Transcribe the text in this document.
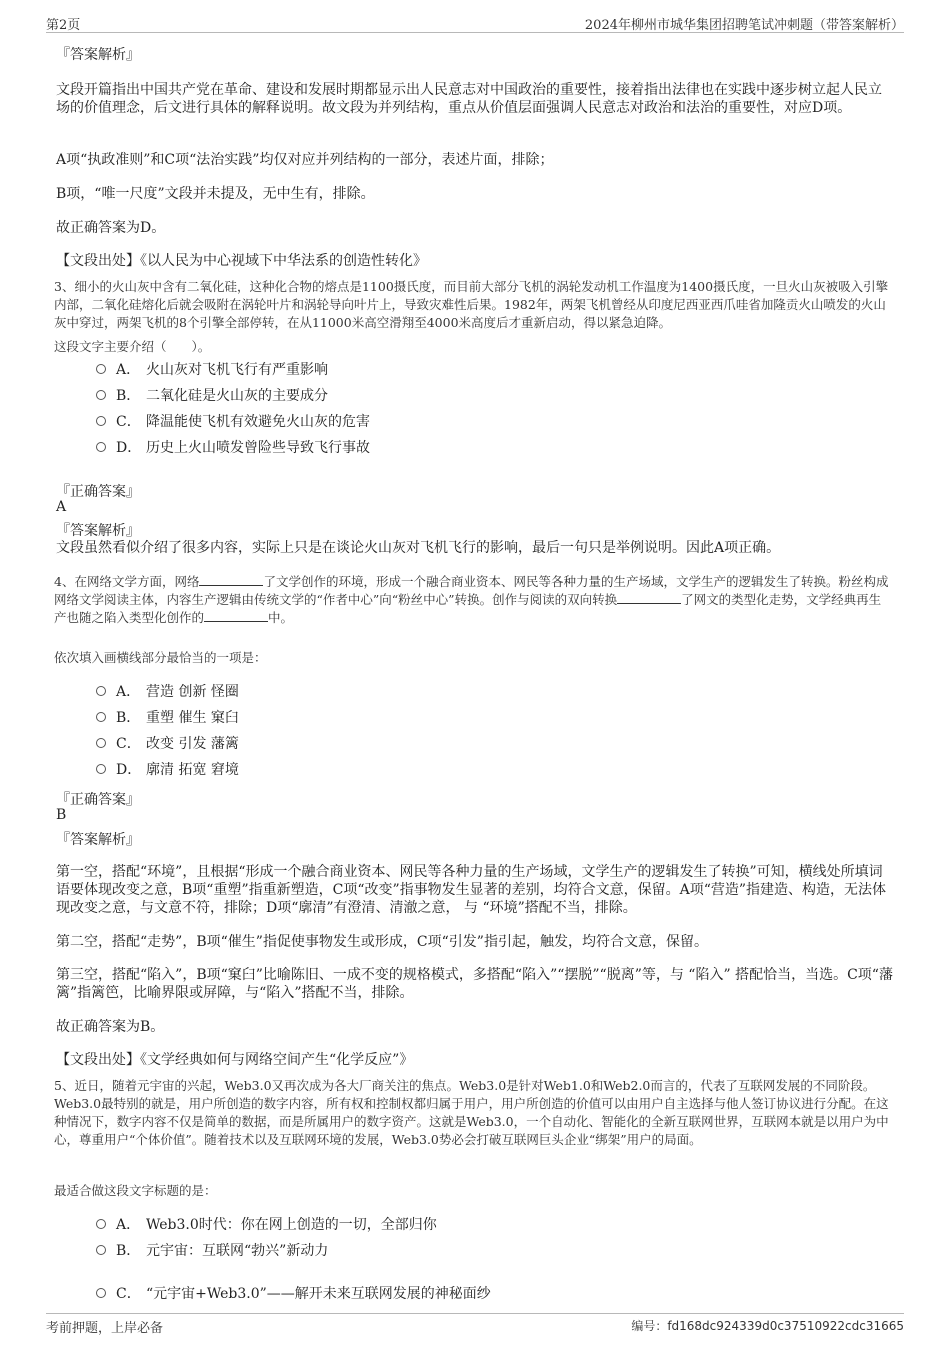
第2页	2024年柳州市城华集团招聘笔试冲刺题（带答案解析）
『答案解析』
文段开篇指出中国共产党在革命、建设和发展时期都显示出人民意志对中国政治的重要性，接着指出法律也在实践中逐步树立起人民立场的价值理念，后文进行具体的解释说明。故文段为并列结构，重点从价值层面强调人民意志对政治和法治的重要性，对应D项。
A项“执政准则”和C项“法治实践”均仅对应并列结构的一部分，表述片面，排除；
B项，“唯一尺度”文段并未提及，无中生有，排除。
故正确答案为D。
【文段出处】《以人民为中心视域下中华法系的创造性转化》
3、细小的火山灰中含有二氧化硅，这种化合物的熔点是1100摄氏度，而目前大部分飞机的涡轮发动机工作温度为1400摄氏度，一旦火山灰被吸入引擎内部，二氧化硅熔化后就会吸附在涡轮叶片和涡轮导向叶片上，导致灾难性后果。1982年，两架飞机曾经从印度尼西亚西爪哇省加隆贡火山喷发的火山灰中穿过，两架飞机的8个引擎全部停转，在从11000米高空滑翔至4000米高度后才重新启动，得以紧急迫降。
这段文字主要介绍（　　）。
A． 火山灰对飞机飞行有严重影响
B． 二氧化硅是火山灰的主要成分
C． 降温能使飞机有效避免火山灰的危害
D． 历史上火山喷发曾险些导致飞行事故
『正确答案』
A
『答案解析』
文段虽然看似介绍了很多内容，实际上只是在谈论火山灰对飞机飞行的影响，最后一句只是举例说明。因此A项正确。
4、在网络文学方面，网络	了文学创作的环境，形成一个融合商业资本、网民等各种力量的生产场域，文学生产的逻辑发生了转换。粉丝构成网络文学阅读主体，内容生产逻辑由传统文学的“作者中心”向“粉丝中心”转换。创作与阅读的双向转换	了网文的类型化走势，文学经典再生产也随之陷入类型化创作的	中。
依次填入画横线部分最恰当的一项是：
A． 营造 创新 怪圈
B． 重塑 催生 窠臼
C． 改变 引发 藩篱
D． 廓清 拓宽 窘境
『正确答案』
B
『答案解析』
第一空，搭配“环境”，且根据“形成一个融合商业资本、网民等各种力量的生产场域，文学生产的逻辑发生了转换”可知，横线处所填词语要体现改变之意，B项“重塑”指重新塑造，C项“改变”指事物发生显著的差别，均符合文意，保留。A项“营造”指建造、构造，无法体现改变之意，与文意不符，排除；D项“廓清”有澄清、清澈之意， 与 “环境”搭配不当，排除。
第二空，搭配“走势”，B项“催生”指促使事物发生或形成，C项“引发”指引起，触发，均符合文意，保留。
第三空，搭配“陷入”，B项“窠臼”比喻陈旧、一成不变的规格模式，多搭配“陷入”“摆脱”“脱离”等，与 “陷入” 搭配恰当，当选。C项“藩篱”指篱笆，比喻界限或屏障，与“陷入”搭配不当，排除。
故正确答案为B。
【文段出处】《文学经典如何与网络空间产生“化学反应”》
5、近日，随着元宇宙的兴起，Web3.0又再次成为各大厂商关注的焦点。Web3.0是针对Web1.0和Web2.0而言的，代表了互联网发展的不同阶段。Web3.0最特别的就是，用户所创造的数字内容，所有权和控制权都归属于用户，用户所创造的价值可以由用户自主选择与他人签订协议进行分配。在这种情况下，数字内容不仅是简单的数据，而是所属用户的数字资产。这就是Web3.0，一个自动化、智能化的全新互联网世界，互联网本就是以用户为中心，尊重用户“个体价值”。随着技术以及互联网环境的发展，Web3.0势必会打破互联网巨头企业“绑架”用户的局面。
最适合做这段文字标题的是：
A． Web3.0时代：你在网上创造的一切，全部归你
B． 元宇宙：互联网“勃兴”新动力
C． “元宇宙+Web3.0”——解开未来互联网发展的神秘面纱
考前押题，上岸必备	编号：fd168dc924339d0c37510922cdc31665
